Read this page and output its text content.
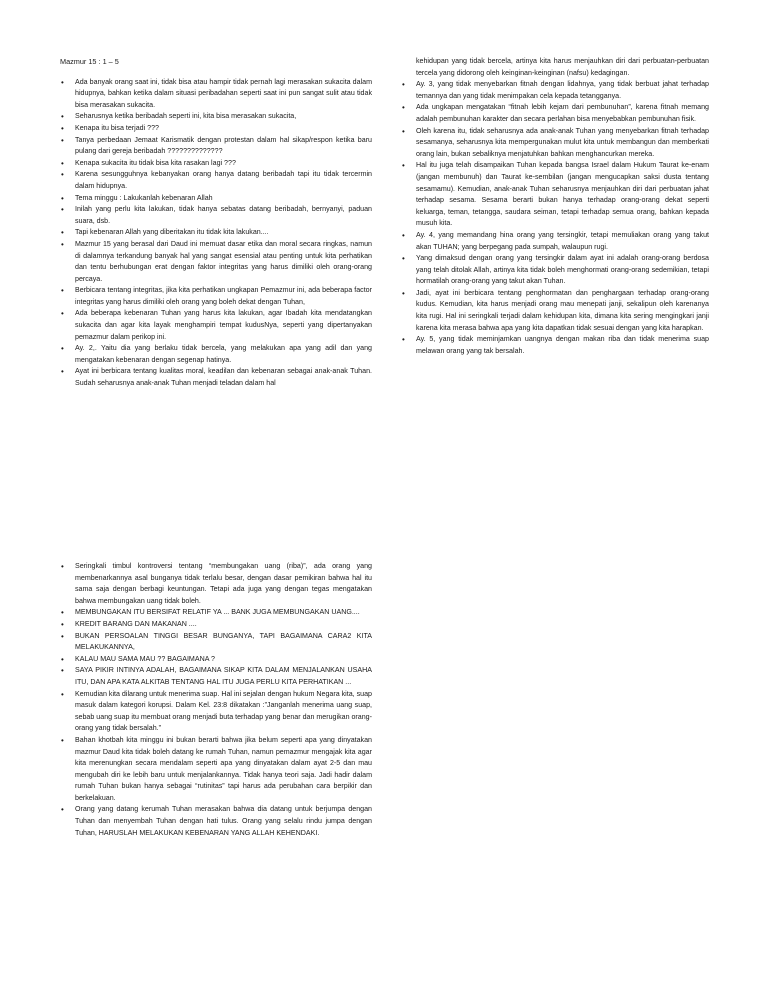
Mazmur 15 : 1 – 5
• Ada banyak orang saat ini, tidak bisa atau hampir tidak pernah lagi merasakan sukacita dalam hidupnya, bahkan ketika dalam situasi peribadahan seperti saat ini pun sangat sulit atau tidak bisa merasakan sukacita.
• Seharusnya ketika beribadah seperti ini, kita bisa merasakan sukacita,
• Kenapa itu bisa terjadi ???
• Tanya perbedaan Jemaat Karismatik dengan protestan dalam hal sikap/respon ketika baru pulang dari gereja beribadah ??????????????
• Kenapa sukacita itu tidak bisa kita rasakan lagi ???
• Karena sesungguhnya kebanyakan orang hanya datang beribadah tapi itu tidak tercermin dalam hidupnya.
• Tema minggu : Lakukanlah kebenaran Allah
• Inilah yang perlu kita lakukan, tidak hanya sebatas datang beribadah, bernyanyi, paduan suara, dsb.
• Tapi kebenaran Allah yang diberitakan itu tidak kita lakukan....
• Mazmur 15 yang berasal dari Daud ini memuat dasar etika dan moral secara ringkas, namun di dalamnya terkandung banyak hal yang sangat esensial atau penting untuk kita perhatikan dan tentu berhubungan erat dengan faktor integritas yang harus dimiliki oleh orang-orang percaya.
• Berbicara tentang integritas, jika kita perhatikan ungkapan Pemazmur ini, ada beberapa factor integritas yang harus dimiliki oleh orang yang boleh dekat dengan Tuhan,
• Ada beberapa kebenaran Tuhan yang harus kita lakukan, agar Ibadah kita mendatangkan sukacita dan agar kita layak menghampiri tempat kudusNya, seperti yang dipertanyakan pemazmur dalam perikop ini.
• Ay. 2,. Yaitu dia yang berlaku tidak bercela, yang melakukan apa yang adil dan yang mengatakan kebenaran dengan segenap hatinya.
• Ayat ini berbicara tentang kualitas moral, keadilan dan kebenaran sebagai anak-anak Tuhan. Sudah seharusnya anak-anak Tuhan menjadi teladan dalam hal
kehidupan yang tidak bercela, artinya kita harus menjauhkan diri dari perbuatan-perbuatan tercela yang didorong oleh keinginan-keinginan (nafsu) kedagingan.
• Ay. 3, yang tidak menyebarkan fitnah dengan lidahnya, yang tidak berbuat jahat terhadap temannya dan yang tidak menimpakan cela kepada tetangganya.
• Ada ungkapan mengatakan “fitnah lebih kejam dari pembunuhan”, karena fitnah memang adalah pembunuhan karakter dan secara perlahan bisa menyebabkan pembunuhan fisik.
• Oleh karena itu, tidak seharusnya ada anak-anak Tuhan yang menyebarkan fitnah terhadap sesamanya, seharusnya kita mempergunakan mulut kita untuk membangun dan memberkati orang lain, bukan sebaliknya menjatuhkan bahkan menghancurkan mereka.
• Hal itu juga telah disampaikan Tuhan kepada bangsa Israel dalam Hukum Taurat ke-enam (jangan membunuh) dan Taurat ke-sembilan (jangan mengucapkan saksi dusta tentang sesamamu). Kemudian, anak-anak Tuhan seharusnya menjauhkan diri dari perbuatan jahat terhadap sesama. Sesama berarti bukan hanya terhadap orang-orang dekat seperti keluarga, teman, tetangga, saudara seiman, tetapi terhadap semua orang, bahkan kepada musuh kita.
• Ay. 4, yang memandang hina orang yang tersingkir, tetapi memuliakan orang yang takut akan TUHAN; yang berpegang pada sumpah, walaupun rugi.
• Yang dimaksud dengan orang yang tersingkir dalam ayat ini adalah orang-orang berdosa yang telah ditolak Allah, artinya kita tidak boleh menghormati orang-orang sedemikian, tetapi hormatilah orang-orang yang takut akan Tuhan.
• Jadi, ayat ini berbicara tentang penghormatan dan penghargaan terhadap orang-orang kudus. Kemudian, kita harus menjadi orang mau menepati janji, sekalipun oleh karenanya kita rugi. Hal ini seringkali terjadi dalam kehidupan kita, dimana kita sering mengingkari janji karena kita merasa bahwa apa yang kita dapatkan tidak sesuai dengan yang kita harapkan.
• Ay. 5, yang tidak meminjamkan uangnya dengan makan riba dan tidak menerima suap melawan orang yang tak bersalah.
• Seringkali timbul kontroversi tentang “membungakan uang (riba)”, ada orang yang membenarkannya asal bunganya tidak terlalu besar, dengan dasar pemikiran bahwa hal itu sama saja dengan berbagi keuntungan. Tetapi ada juga yang dengan tegas mengatakan bahwa membungakan uang tidak boleh.
• MEMBUNGAKAN ITU BERSIFAT RELATIF YA ... BANK JUGA MEMBUNGAKAN UANG....
• KREDIT BARANG DAN MAKANAN ....
• BUKAN PERSOALAN TINGGI BESAR BUNGANYA, TAPI BAGAIMANA CARA2 KITA MELAKUKANNYA,
• KALAU MAU SAMA MAU ?? BAGAIMANA ?
• SAYA PIKIR INTINYA ADALAH, BAGAIMANA SIKAP KITA DALAM MENJALANKAN USAHA ITU, DAN APA KATA ALKITAB TENTANG HAL ITU JUGA PERLU KITA PERHATIKAN ...
• Kemudian kita dilarang untuk menerima suap. Hal ini sejalan dengan hukum Negara kita, suap masuk dalam kategori korupsi. Dalam Kel. 23:8 dikatakan :”Janganlah menerima uang suap, sebab uang suap itu membuat orang menjadi buta terhadap yang benar dan merugikan orang-orang yang tidak bersalah.”
• Bahan khotbah kita minggu ini bukan berarti bahwa jika belum seperti apa yang dinyatakan mazmur Daud kita tidak boleh datang ke rumah Tuhan, namun pemazmur mengajak kita agar kita merenungkan secara mendalam seperti apa yang dinyatakan dalam ayat 2-5 dan mau mengubah diri ke lebih baru untuk menjalankannya. Tidak hanya teori saja. Jadi hadir dalam rumah Tuhan bukan hanya sebagai “rutinitas” tapi harus ada perubahan cara berpikir dan berkelakuan.
• Orang yang datang kerumah Tuhan merasakan bahwa dia datang untuk berjumpa dengan Tuhan dan menyembah Tuhan dengan hati tulus. Orang yang selalu rindu jumpa dengan Tuhan, HARUSLAH MELAKUKAN KEBENARAN YANG ALLAH KEHENDAKI.
